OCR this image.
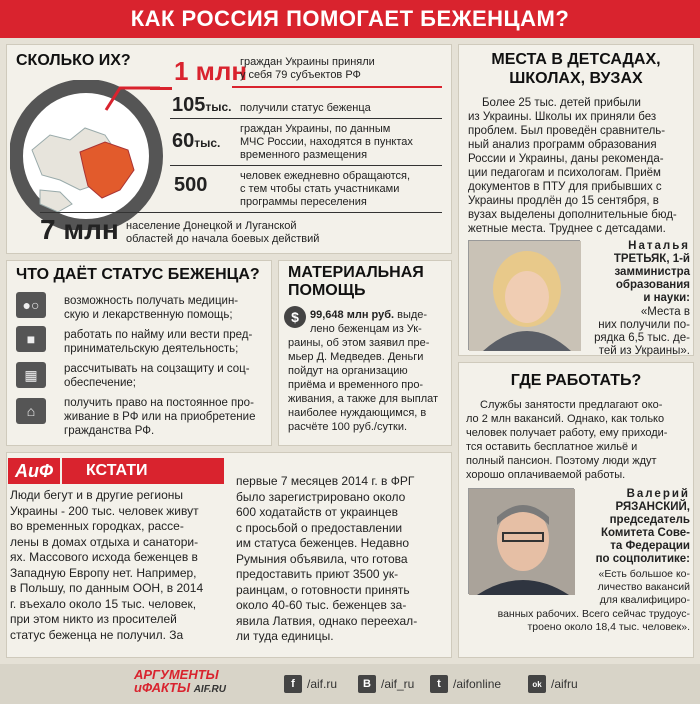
КАК РОССИЯ ПОМОГАЕТ БЕЖЕНЦАМ?
СКОЛЬКО ИХ? 1 млн
граждан Украины приняли
у себя 79 субъектов РФ
105тыс. получили статус беженца
60тыс.
граждан Украины, по данным
МЧС России, находятся в пунктах
временного размещения
500	человек ежедневно обращаются,
с тем чтобы стать участниками
программы переселения
7 млн население Донецкой и Луганской
областей до начала боевых действий
МЕСТА В ДЕТСАДАХ,
ШКОЛАХ, ВУЗАХ
Более 25 тыс. детей прибыли
из Украины. Школы их приняли без
проблем. Был проведён сравнитель-
ный анализ программ образования
России и Украины, даны рекоменда-
ции педагогам и психологам. Приём
документов в ПТУ для прибывших с
Украины продлён до 15 сентября, в
вузах выделены дополнительные бюд-
жетные места. Труднее с детсадами.
Наталья
ТРЕТЬЯК, 1-й
замминистра
образования
и науки:
«Места в
них получили по-
рядка 6,5 тыс. де-
тей из Украины».
ЧТО ДАЁТ СТАТУС БЕЖЕНЦА?
●○	возможность получать медицин-
скую и лекарственную помощь;
■	работать по найму или вести пред-
принимательскую деятельность;
▦	рассчитывать на соцзащиту и соц-
обеспечение;
⌂	получить право на постоянное про-
живание в РФ или на приобретение
гражданства РФ.
МАТЕРИАЛЬНАЯ
ПОМОЩЬ
$	99,648 млн руб. выде-
лено беженцам из Ук-
раины, об этом заявил пре-
мьер Д. Медведев. Деньги
пойдут на организацию
приёма и временного про-
живания, а также для выплат
наиболее нуждающимся, в
расчёте 100 руб./сутки.
ГДЕ РАБОТАТЬ?
Службы занятости предлагают око-
ло 2 млн вакансий. Однако, как только
человек получает работу, ему приходи-
тся оставить бесплатное жильё и
полный пансион. Поэтому люди ждут
хорошо оплачиваемой работы.
Валерий
РЯЗАНСКИЙ,
председатель
Комитета Сове-
та Федерации
по соцполитике:
«Есть большое ко-
личество вакансий
для квалифициро-
ванных рабочих. Всего сейчас трудоус-
троено около 18,4 тыс. человек».
АиФ	КСТАТИ
Люди бегут и в другие регионы
Украины - 200 тыс. человек живут
во временных городках, рассе-
лены в домах отдыха и санатори-
ях. Массового исхода беженцев в
Западную Европу нет. Например,
в Польшу, по данным ООН, в 2014
г. въехало около 15 тыс. человек,
при этом никто из просителей
статус беженца не получил. За
первые 7 месяцев 2014 г. в ФРГ
было зарегистрировано около
600 ходатайств от украинцев
с просьбой о предоставлении
им статуса беженцев. Недавно
Румыния объявила, что готова
предоставить приют 3500 ук-
раинцам, о готовности принять
около 40-60 тыс. беженцев за-
явила Латвия, однако переехал-
ли туда единицы.
АРГУМЕНТЫ
иФАКТЫ AIF.RU	f	/aif.ru	B /aif_ru	t	/aifonline	ok /aifru
